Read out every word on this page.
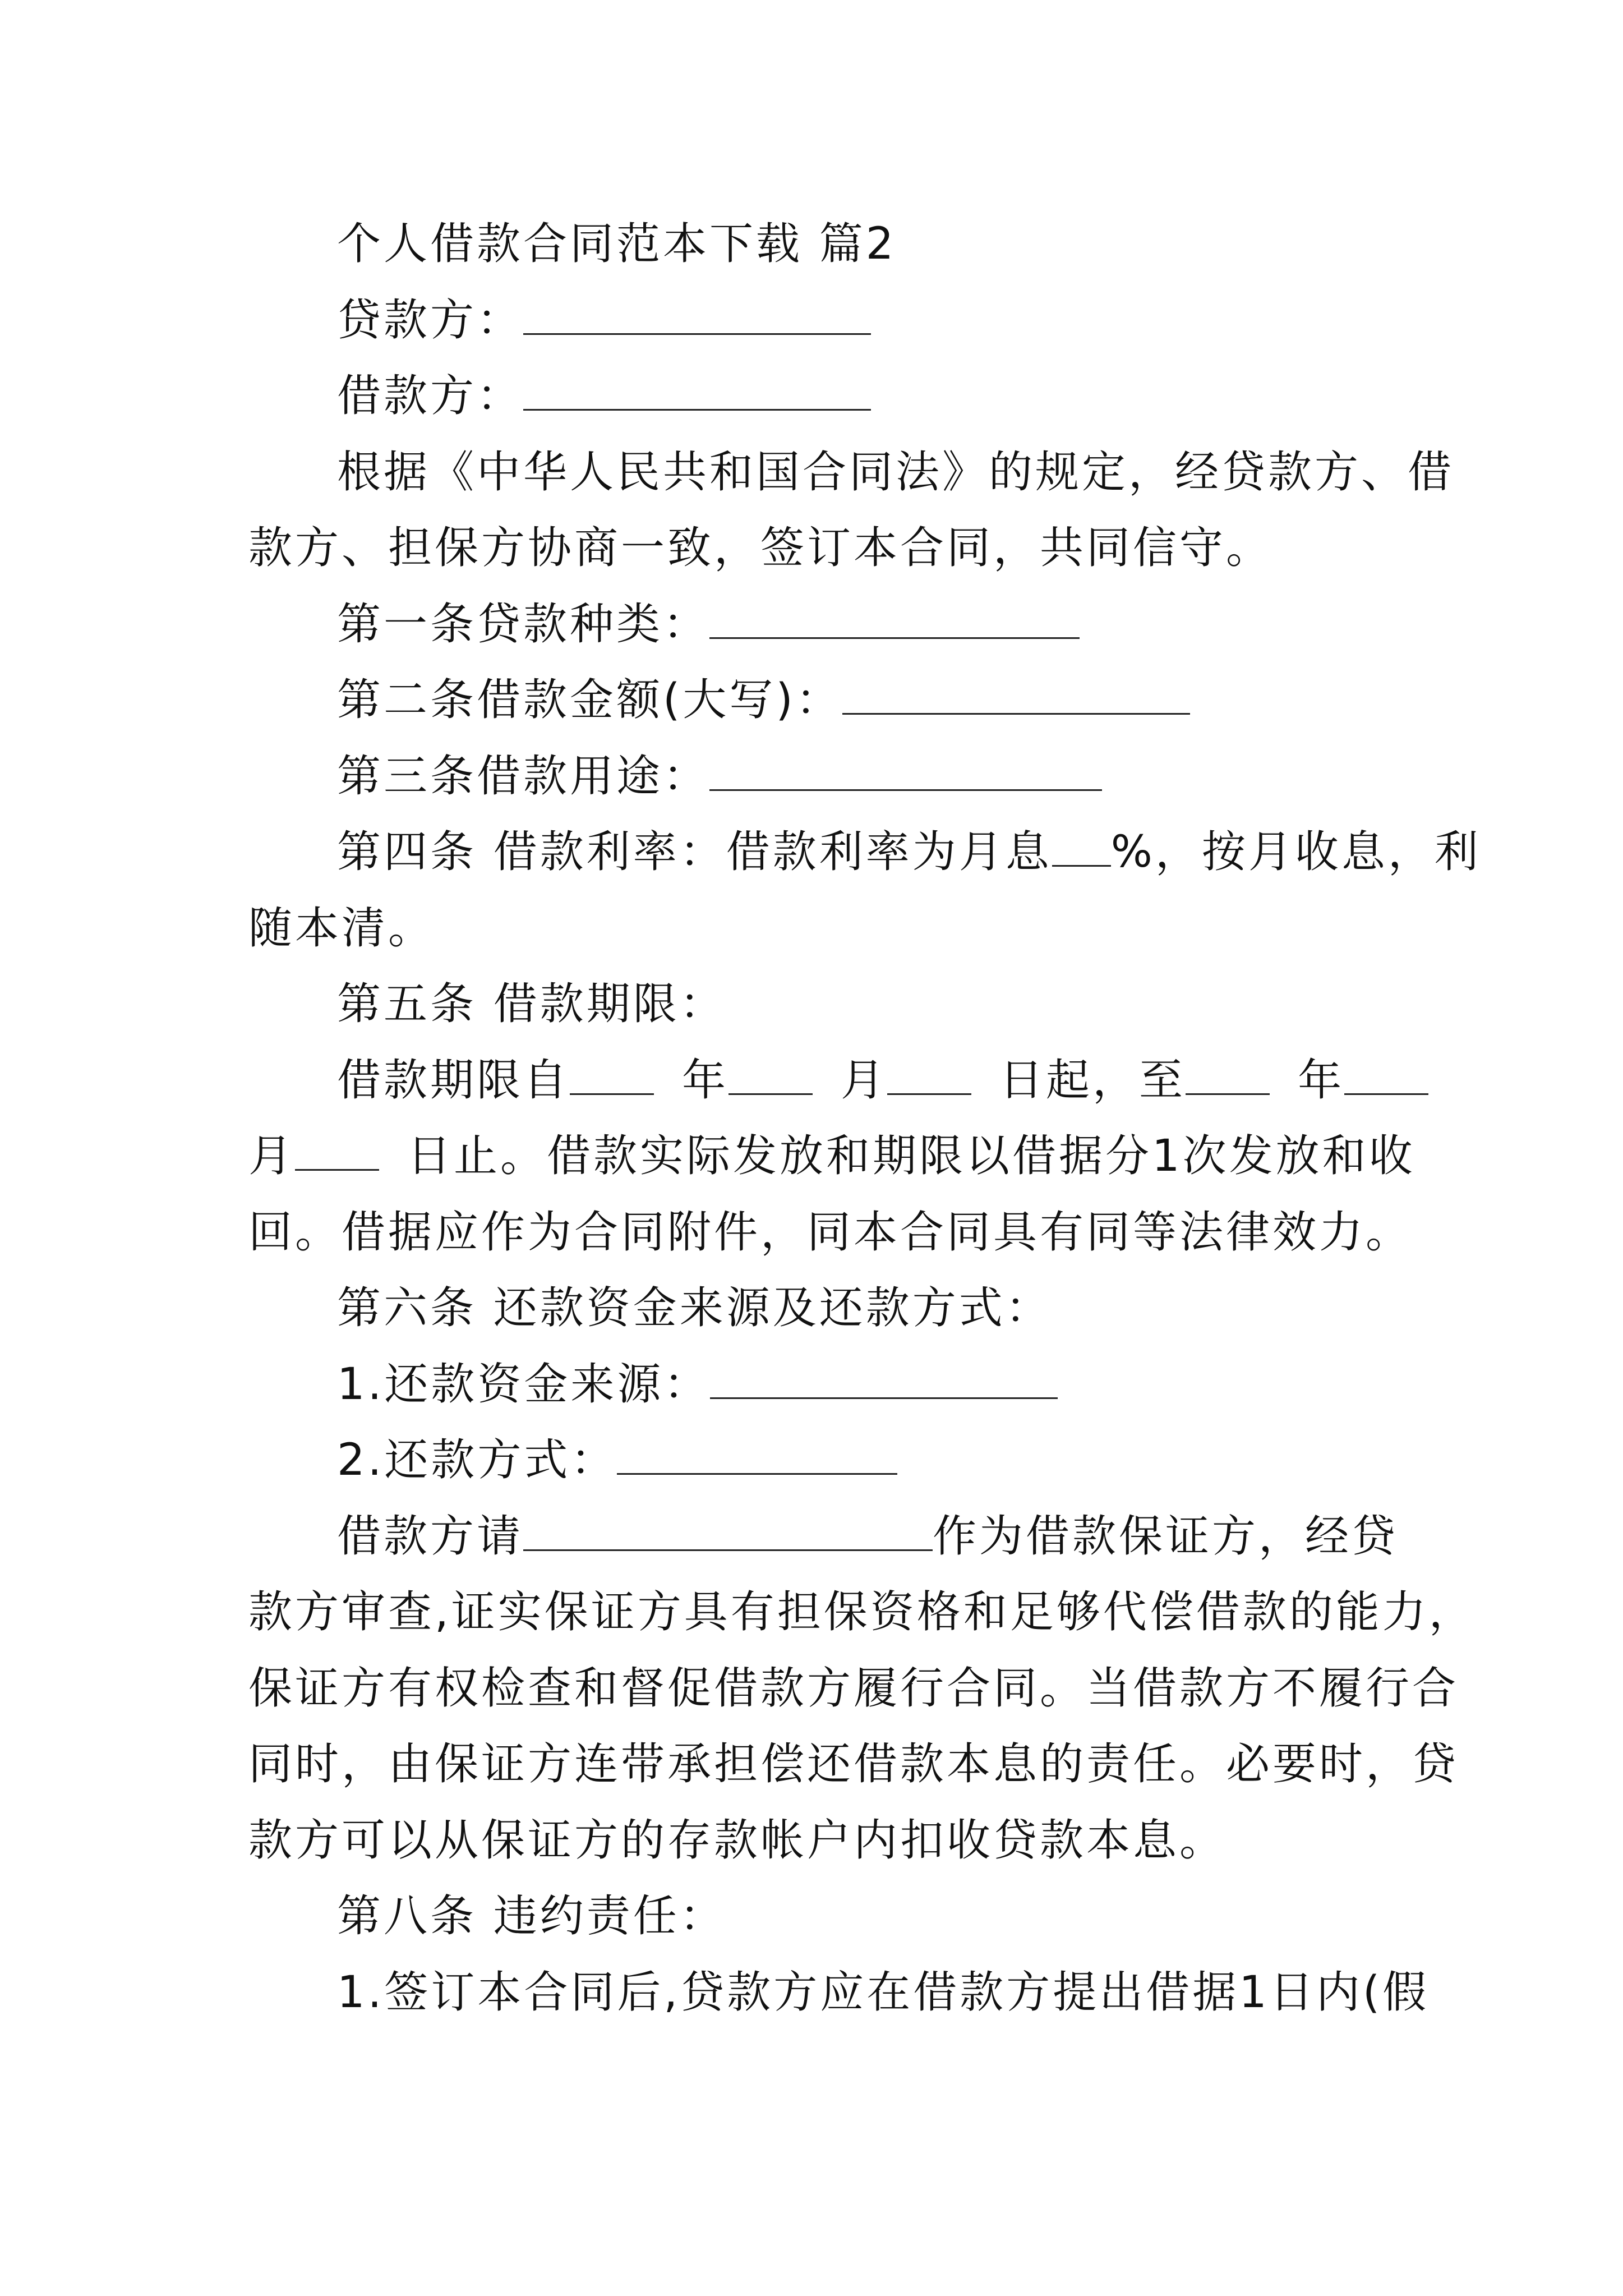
个人借款合同范本下载 篇2
贷款方：
借款方：
根据《中华人民共和国合同法》的规定，经贷款方、借
款方、担保方协商一致，签订本合同，共同信守。
第一条贷款种类：
第二条借款金额(大写)：
第三条借款用途：
第四条 借款利率：借款利率为月息 %，按月收息，利
随本清。
第五条 借款期限：
借款期限自	年	月	日起，至	年
月	日止。借款实际发放和期限以借据分1次发放和收
回。借据应作为合同附件，同本合同具有同等法律效力。
第六条 还款资金来源及还款方式：
1.还款资金来源：
2.还款方式：
借款方请	作为借款保证方，经贷
款方审查,证实保证方具有担保资格和足够代偿借款的能力，
保证方有权检查和督促借款方履行合同。当借款方不履行合
同时，由保证方连带承担偿还借款本息的责任。必要时，贷
款方可以从保证方的存款帐户内扣收贷款本息。
第八条 违约责任：
1.签订本合同后,贷款方应在借款方提出借据1日内(假
